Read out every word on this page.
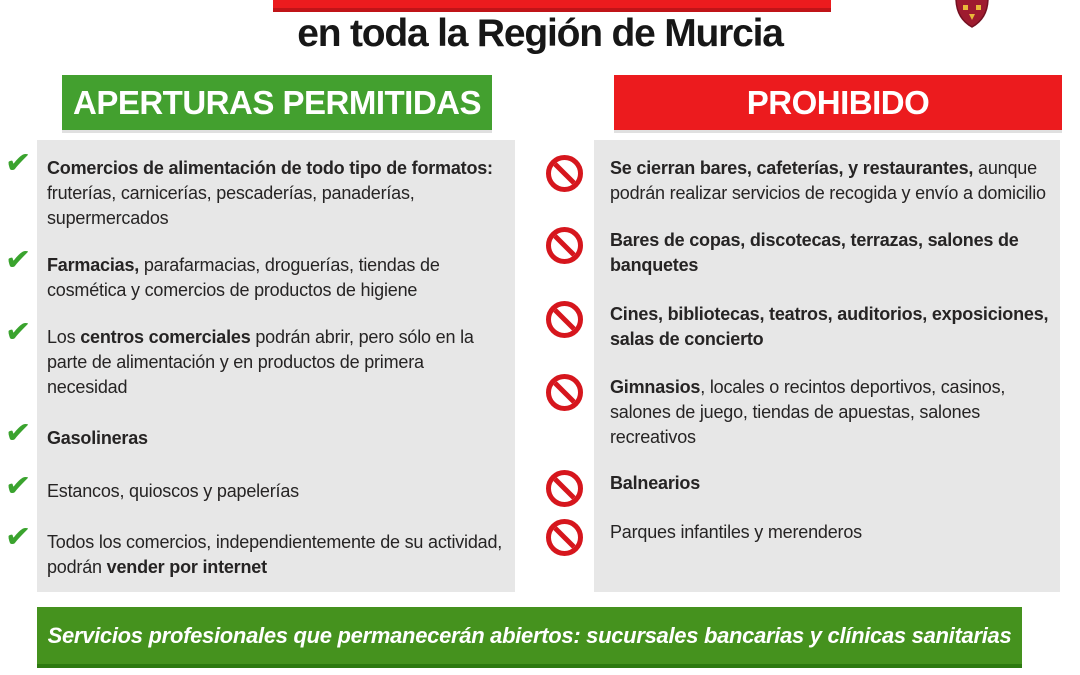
en toda la Región de Murcia
APERTURAS PERMITIDAS	PROHIBIDO
✔ Comercios de alimentación de todo tipo de formatos: fruterías, carnicerías, pescaderías, panaderías, supermercados
✔ Farmacias, parafarmacias, droguerías, tiendas de cosmética y comercios de productos de higiene
✔ Los centros comerciales podrán abrir, pero sólo en la parte de alimentación y en productos de primera necesidad
✔ Gasolineras
✔ Estancos, quioscos y papelerías
✔ Todos los comercios, independientemente de su actividad, podrán vender por internet
Se cierran bares, cafeterías, y restaurantes, aunque podrán realizar servicios de recogida y envío a domicilio
Bares de copas, discotecas, terrazas, salones de banquetes
Cines, bibliotecas, teatros, auditorios, exposiciones, salas de concierto
Gimnasios, locales o recintos deportivos, casinos, salones de juego, tiendas de apuestas, salones recreativos
Balnearios
Parques infantiles y merenderos
Servicios profesionales que permanecerán abiertos: sucursales bancarias y clínicas sanitarias
